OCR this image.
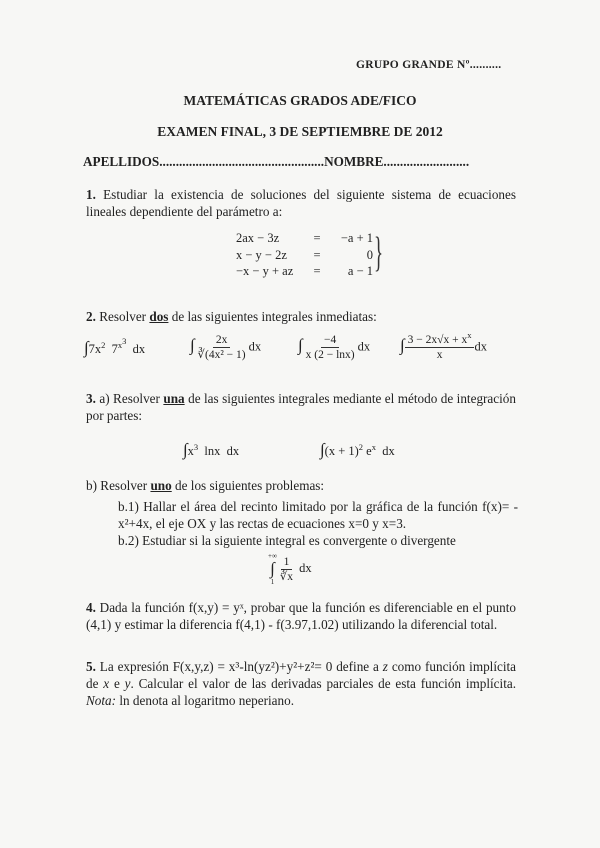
GRUPO GRANDE Nº..........
MATEMÁTICAS GRADOS ADE/FICO
EXAMEN FINAL, 3 DE SEPTIEMBRE DE 2012
APELLIDOS..................................................NOMBRE..........................
1. Estudiar la existencia de soluciones del siguiente sistema de ecuaciones lineales dependiente del parámetro a:
2ax − 3z	=	−a + 1
x − y − 2z	=	0
−x − y + az	=	a − 1 }
2. Resolver dos de las siguientes integrales inmediatas:
$\int 7x^2$ $7^{x^3}$  dx	∫ $\frac{2x}{\text{∛(4x² − 1)}}$ dx ∫ $\frac{-4}{x (2 - \ln x)}$ dx ∫ $\frac{3 - 2x√x + x^x}{x}$ dx
3. a) Resolver una de las siguientes integrales mediante el método de integración por partes:
$\int x^3$ lnx dx	$\int(x + 1)^2$ $e^x$ dx
b) Resolver uno de los siguientes problemas:
b.1) Hallar el área del recinto limitado por la gráfica de la función f(x)= -x²+4x, el eje OX y las rectas de ecuaciones x=0 y x=3.
b.2) Estudiar si la siguiente integral es convergente o divergente
+∞
∫
$1 \frac{1}{∛x}$ dx
4. Dada la función f(x,y) = yˣ, probar que la función es diferenciable en el punto (4,1) y estimar la diferencia f(4,1) - f(3.97,1.02) utilizando la diferencial total.
5. La expresión F(x,y,z) = x³-ln(yz²)+y²+z²= 0 define a z como función implícita de x e y. Calcular el valor de las derivadas parciales de esta función implícita. Nota: ln denota al logaritmo neperiano.
